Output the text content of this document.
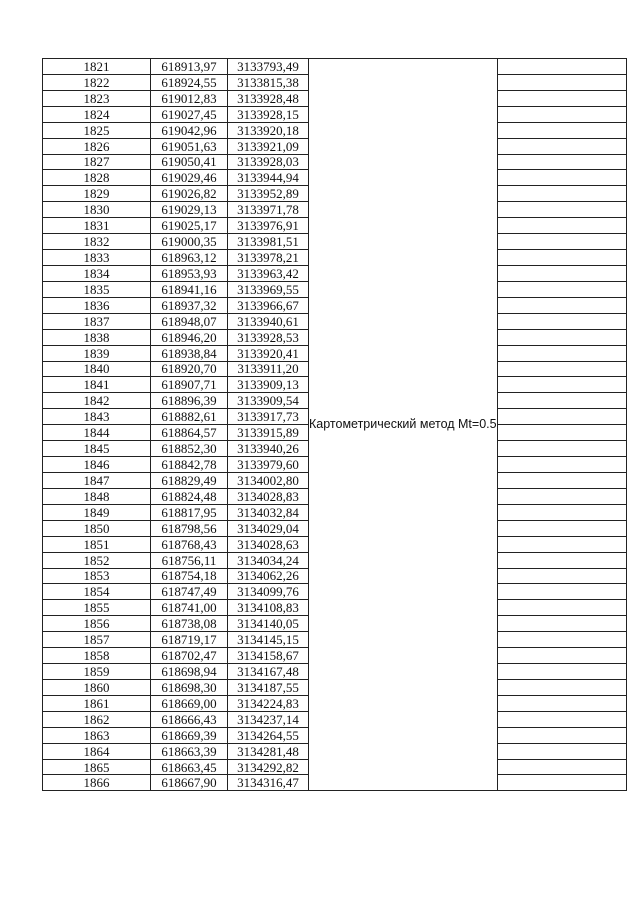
1821	618913,97	3133793,49	Картометрический метод Mt=0.5	
1822	618924,55	3133815,38		
1823	619012,83	3133928,48		
1824	619027,45	3133928,15		
1825	619042,96	3133920,18		
1826	619051,63	3133921,09		
1827	619050,41	3133928,03		
1828	619029,46	3133944,94		
1829	619026,82	3133952,89		
1830	619029,13	3133971,78		
1831	619025,17	3133976,91		
1832	619000,35	3133981,51		
1833	618963,12	3133978,21		
1834	618953,93	3133963,42		
1835	618941,16	3133969,55		
1836	618937,32	3133966,67		
1837	618948,07	3133940,61		
1838	618946,20	3133928,53		
1839	618938,84	3133920,41		
1840	618920,70	3133911,20		
1841	618907,71	3133909,13		
1842	618896,39	3133909,54		
1843	618882,61	3133917,73		
1844	618864,57	3133915,89		
1845	618852,30	3133940,26		
1846	618842,78	3133979,60		
1847	618829,49	3134002,80		
1848	618824,48	3134028,83		
1849	618817,95	3134032,84		
1850	618798,56	3134029,04		
1851	618768,43	3134028,63		
1852	618756,11	3134034,24		
1853	618754,18	3134062,26		
1854	618747,49	3134099,76		
1855	618741,00	3134108,83		
1856	618738,08	3134140,05		
1857	618719,17	3134145,15		
1858	618702,47	3134158,67		
1859	618698,94	3134167,48		
1860	618698,30	3134187,55		
1861	618669,00	3134224,83		
1862	618666,43	3134237,14		
1863	618669,39	3134264,55		
1864	618663,39	3134281,48		
1865	618663,45	3134292,82		
1866	618667,90	3134316,47		
